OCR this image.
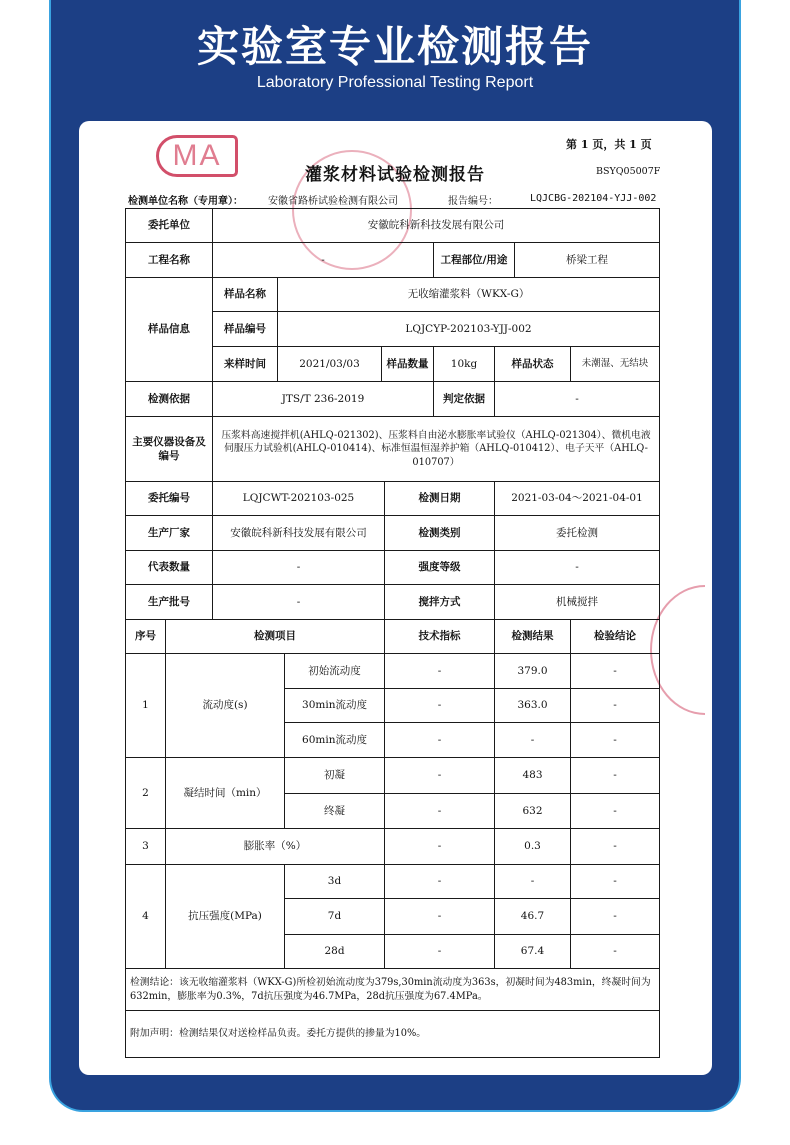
实验室专业检测报告
Laboratory Professional Testing Report
MA	第 1 页，共 1 页
灌浆材料试验检测报告	BSYQ05007F
检测单位名称（专用章）：	安徽省路桥试验检测有限公司	报告编号：	LQJCBG-202104-YJJ-002
委托单位	安徽皖科新科技发展有限公司
工程名称	-	工程部位/用途	桥梁工程
样品信息
样品名称	无收缩灌浆料（WKX-G）
样品编号	LQJCYP-202103-YJJ-002
来样时间	2021/03/03	样品数量	10kg	样品状态	未潮湿、无结块
检测依据	JTS/T 236-2019	判定依据	-
主要仪器设备及编号
压浆料高速搅拌机(AHLQ-021302)、压浆料自由泌水膨胀率试验仪（AHLQ-021304）、微机电液伺服压力试验机(AHLQ-010414)、标准恒温恒湿养护箱（AHLQ-010412）、电子天平（AHLQ-010707）
委托编号	LQJCWT-202103-025	检测日期	2021-03-04～2021-04-01
生产厂家	安徽皖科新科技发展有限公司	检测类别	委托检测
代表数量	-	强度等级	-
生产批号	-	搅拌方式	机械搅拌
序号	检测项目	技术指标	检测结果	检验结论
1	流动度(s)
初始流动度	-	379.0	-
30min流动度	-	363.0	-
60min流动度	-	-	-
2	凝结时间（min）
初凝	-	483	-
终凝	-	632	-
3	膨胀率（%）	-	0.3	-
4	抗压强度(MPa)
3d	-	-	-
7d	-	46.7	-
28d	-	67.4	-
检测结论：该无收缩灌浆料（WKX-G)所检初始流动度为379s,30min流动度为363s，初凝时间为483min，终凝时间为632min，膨胀率为0.3%，7d抗压强度为46.7MPa，28d抗压强度为67.4MPa。
附加声明：检测结果仅对送检样品负责。委托方提供的掺量为10%。
